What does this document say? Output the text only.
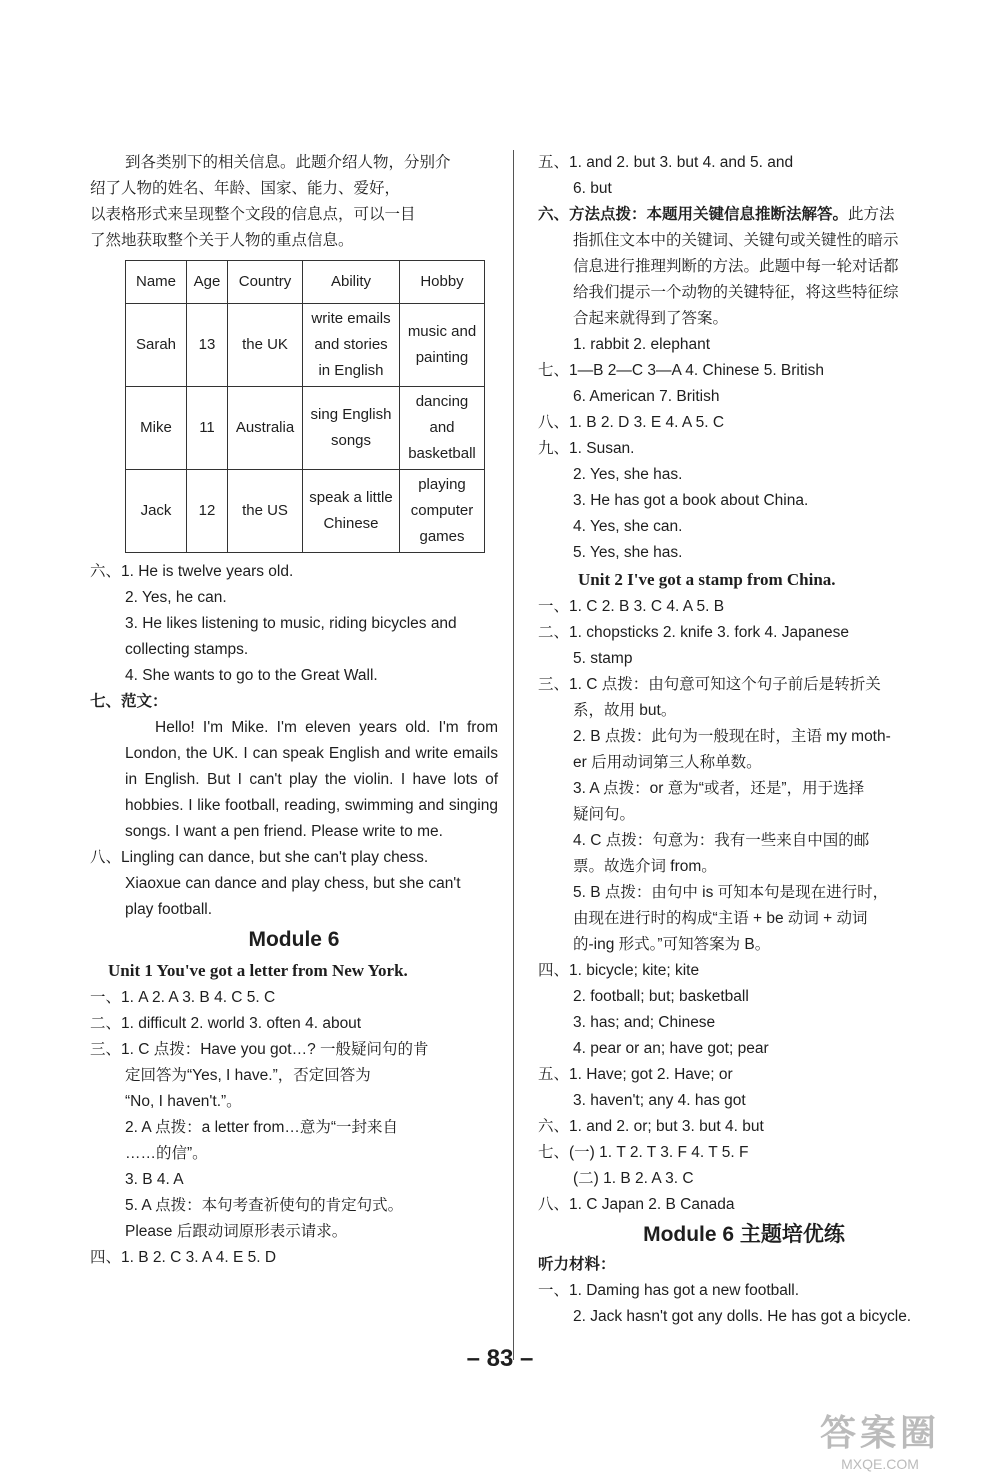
到各类别下的相关信息。此题介绍人物，分别介
绍了人物的姓名、年龄、国家、能力、爱好，
以表格形式来呈现整个文段的信息点，可以一目
了然地获取整个关于人物的重点信息。
Name	Age	Country	Ability	Hobby
Sarah	13	the UK	write emails and stories in English	music and painting
Mike	11	Australia	sing English songs	dancing and basketball
Jack	12	the US	speak a little Chinese	playing computer games
六、1. He is twelve years old.
2. Yes, he can.
3. He likes listening to music, riding bicycles and
collecting stamps.
4. She wants to go to the Great Wall.
七、范文：
Hello! I'm Mike. I'm eleven years old. I'm from London, the UK. I can speak English and write emails in English. But I can't play the violin. I have lots of hobbies. I like football, reading, swimming and singing songs. I want a pen friend. Please write to me.
八、Lingling can dance, but she can't play chess.
Xiaoxue can dance and play chess, but she can't
play football.
Module 6
Unit 1 You've got a letter from New York.
一、1. A 2. A 3. B 4. C 5. C
二、1. difficult 2. world 3. often 4. about
三、1. C 点拨：Have you got…? 一般疑问句的肯
定回答为“Yes, I have.”，否定回答为
“No, I haven't.”。
2. A 点拨：a letter from…意为“一封来自
……的信”。
3. B 4. A
5. A 点拨：本句考查祈使句的肯定句式。
Please 后跟动词原形表示请求。
四、1. B 2. C 3. A 4. E 5. D
五、1. and 2. but 3. but 4. and 5. and
6. but
六、方法点拨：本题用关键信息推断法解答。此方法
指抓住文本中的关键词、关键句或关键性的暗示
信息进行推理判断的方法。此题中每一轮对话都
给我们提示一个动物的关键特征，将这些特征综
合起来就得到了答案。
1. rabbit 2. elephant
七、1—B 2—C 3—A 4. Chinese 5. British
6. American 7. British
八、1. B 2. D 3. E 4. A 5. C
九、1. Susan.
2. Yes, she has.
3. He has got a book about China.
4. Yes, she can.
5. Yes, she has.
Unit 2 I've got a stamp from China.
一、1. C 2. B 3. C 4. A 5. B
二、1. chopsticks 2. knife 3. fork 4. Japanese
5. stamp
三、1. C 点拨：由句意可知这个句子前后是转折关
系，故用 but。
2. B 点拨：此句为一般现在时，主语 my moth-
er 后用动词第三人称单数。
3. A 点拨：or 意为“或者，还是”，用于选择
疑问句。
4. C 点拨：句意为：我有一些来自中国的邮
票。故选介词 from。
5. B 点拨：由句中 is 可知本句是现在进行时，
由现在进行时的构成“主语 + be 动词 + 动词
的-ing 形式。”可知答案为 B。
四、1. bicycle; kite; kite
2. football; but; basketball
3. has; and; Chinese
4. pear or an; have got; pear
五、1. Have; got 2. Have; or
3. haven't; any 4. has got
六、1. and 2. or; but 3. but 4. but
七、(一) 1. T 2. T 3. F 4. T 5. F
(二) 1. B 2. A 3. C
八、1. C Japan 2. B Canada
Module 6 主题培优练
听力材料：
一、1. Daming has got a new football.
2. Jack hasn't got any dolls. He has got a bicycle.
– 83 –
答案圈
MXQE.COM
